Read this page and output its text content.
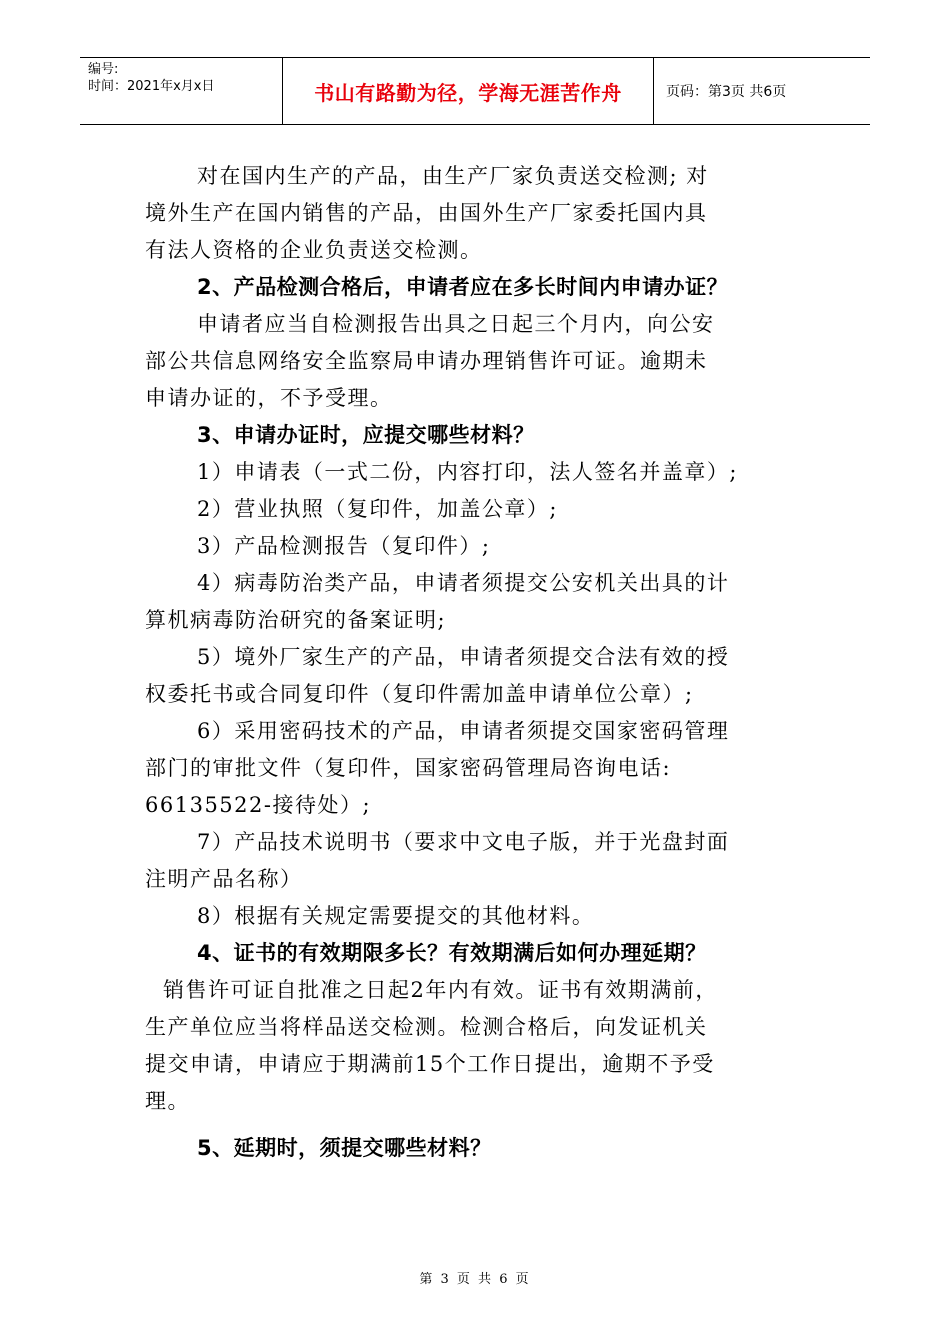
编号:
时间：2021年x月x日	书山有路勤为径，学海无涯苦作舟	页码：第3页 共6页

对在国内生产的产品，由生产厂家负责送交检测; 对

境外生产在国内销售的产品，由国外生产厂家委托国内具

有法人资格的企业负责送交检测。

2、产品检测合格后，申请者应在多长时间内申请办证？

申请者应当自检测报告出具之日起三个月内，向公安

部公共信息网络安全监察局申请办理销售许可证。逾期未

申请办证的，不予受理。

3、申请办证时，应提交哪些材料？

1）申请表（一式二份，内容打印，法人签名并盖章）;

2）营业执照（复印件，加盖公章）;

3）产品检测报告（复印件）;

4）病毒防治类产品，申请者须提交公安机关出具的计

算机病毒防治研究的备案证明;

5）境外厂家生产的产品，申请者须提交合法有效的授

权委托书或合同复印件（复印件需加盖申请单位公章）;

6）采用密码技术的产品，申请者须提交国家密码管理

部门的审批文件（复印件，国家密码管理局咨询电话:

66135522-接待处）;

7）产品技术说明书（要求中文电子版，并于光盘封面

注明产品名称）

8）根据有关规定需要提交的其他材料。

4、证书的有效期限多长？有效期满后如何办理延期？

销售许可证自批准之日起2年内有效。证书有效期满前，

生产单位应当将样品送交检测。检测合格后，向发证机关

提交申请，申请应于期满前15个工作日提出，逾期不予受

理。

5、延期时，须提交哪些材料？
第 3 页 共 6 页
